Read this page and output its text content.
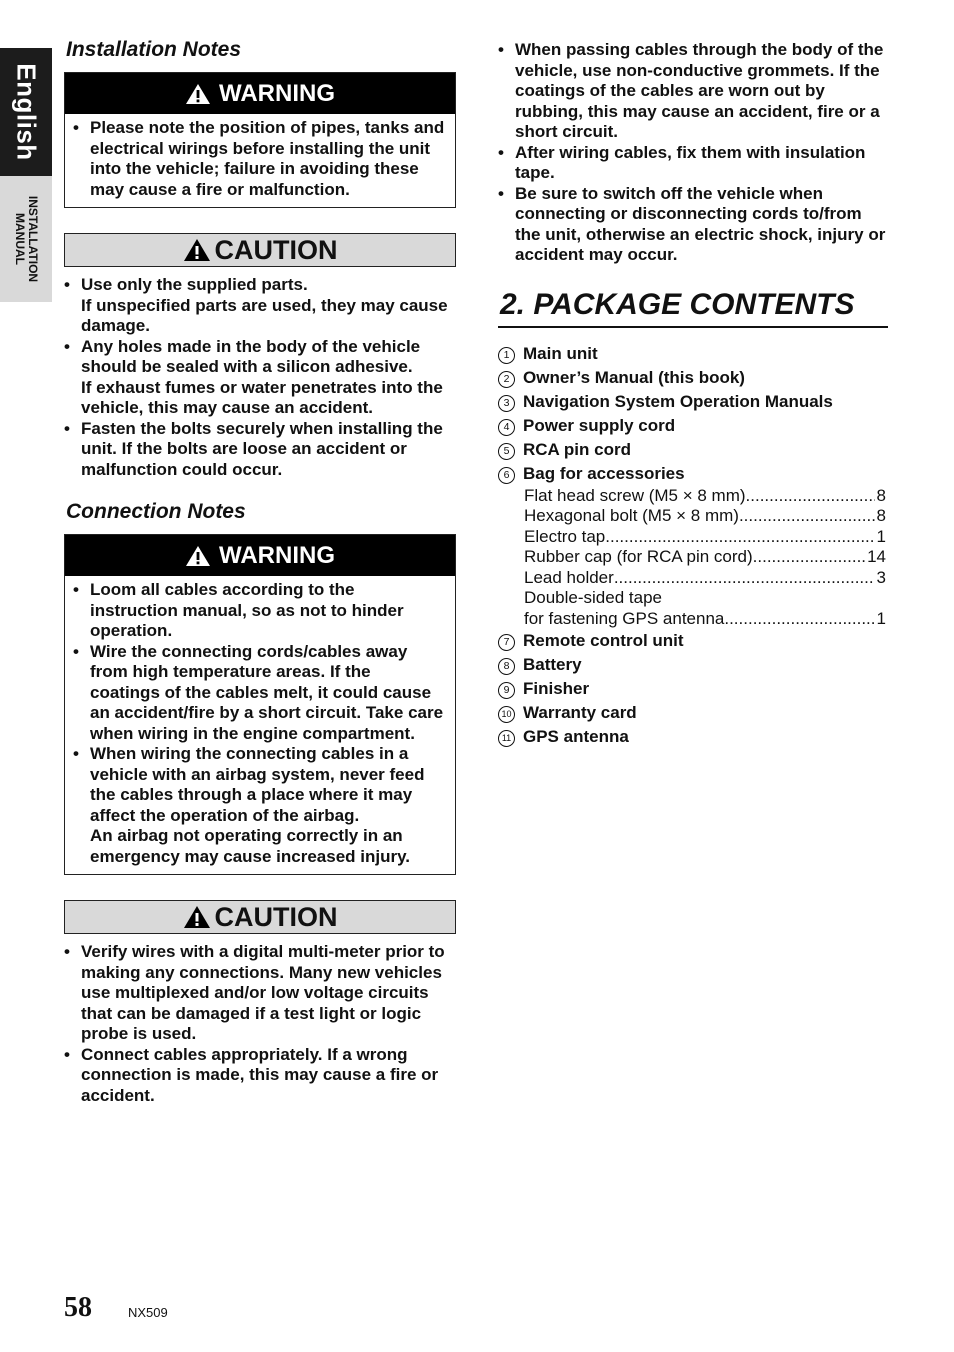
English
INSTALLATION
MANUAL
Installation Notes
WARNING
• Please note the position of pipes, tanks and electrical wirings before installing the unit into the vehicle; failure in avoiding these may cause a fire or malfunction.
CAUTION
• Use only the supplied parts.
If unspecified parts are used, they may cause damage.
• Any holes made in the body of the vehicle should be sealed with a silicon adhesive.
If exhaust fumes or water penetrates into the vehicle, this may cause an accident.
• Fasten the bolts securely when installing the unit. If the bolts are loose an accident or malfunction could occur.
Connection Notes
WARNING
• Loom all cables according to the instruction manual, so as not to hinder operation.
• Wire the connecting cords/cables away from high temperature areas. If the coatings of the cables melt, it could cause an accident/fire by a short circuit. Take care when wiring in the engine compartment.
• When wiring the connecting cables in a vehicle with an airbag system, never feed the cables through a place where it may affect the operation of the airbag.
An airbag not operating correctly in an emergency may cause increased injury.
CAUTION
• Verify wires with a digital multi-meter prior to making any connections. Many new vehicles use multiplexed and/or low voltage circuits that can be damaged if a test light or logic probe is used.
• Connect cables appropriately. If a wrong connection is made, this may cause a fire or accident.
• When passing cables through the body of the vehicle, use non-conductive grommets. If the coatings of the cables are worn out by rubbing, this may cause an accident, fire or a short circuit.
• After wiring cables, fix them with insulation tape.
• Be sure to switch off the vehicle when connecting or disconnecting cords to/from the unit, otherwise an electric shock, injury or accident may occur.
2. PACKAGE CONTENTS
1 Main unit
2 Owner’s Manual (this book)
3 Navigation System Operation Manuals
4 Power supply cord
5 RCA pin cord
6 Bag for accessories
Flat head screw (M5 × 8 mm) .....	8
Hexagonal bolt (M5 × 8 mm) .....	8
Electro tap .....	1
Rubber cap (for RCA pin cord) .....	14
Lead holder .....	3
Double-sided tape
for fastening GPS antenna .....	1
7 Remote control unit
8 Battery
9 Finisher
10 Warranty card
11 GPS antenna
58	NX509
